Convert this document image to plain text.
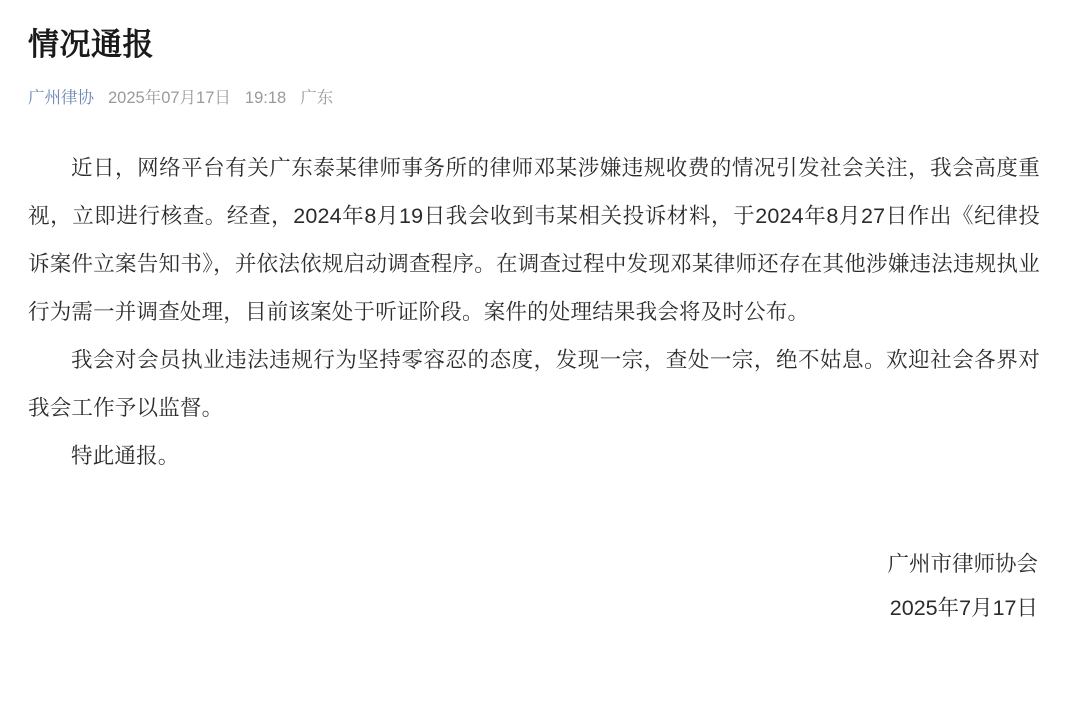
情况通报
广州律协 2025年07月17日 19:18 广东

近日，网络平台有关广东泰某律师事务所的律师邓某涉嫌违规收费的情况引发社会关注，我会高度重视，立即进行核查。经查，2024年8月19日我会收到韦某相关投诉材料，于2024年8月27日作出《纪律投诉案件立案告知书》，并依法依规启动调查程序。在调查过程中发现邓某律师还存在其他涉嫌违法违规执业行为需一并调查处理，目前该案处于听证阶段。案件的处理结果我会将及时公布。

我会对会员执业违法违规行为坚持零容忍的态度，发现一宗，查处一宗，绝不姑息。欢迎社会各界对我会工作予以监督。

特此通报。

广州市律师协会
2025年7月17日
